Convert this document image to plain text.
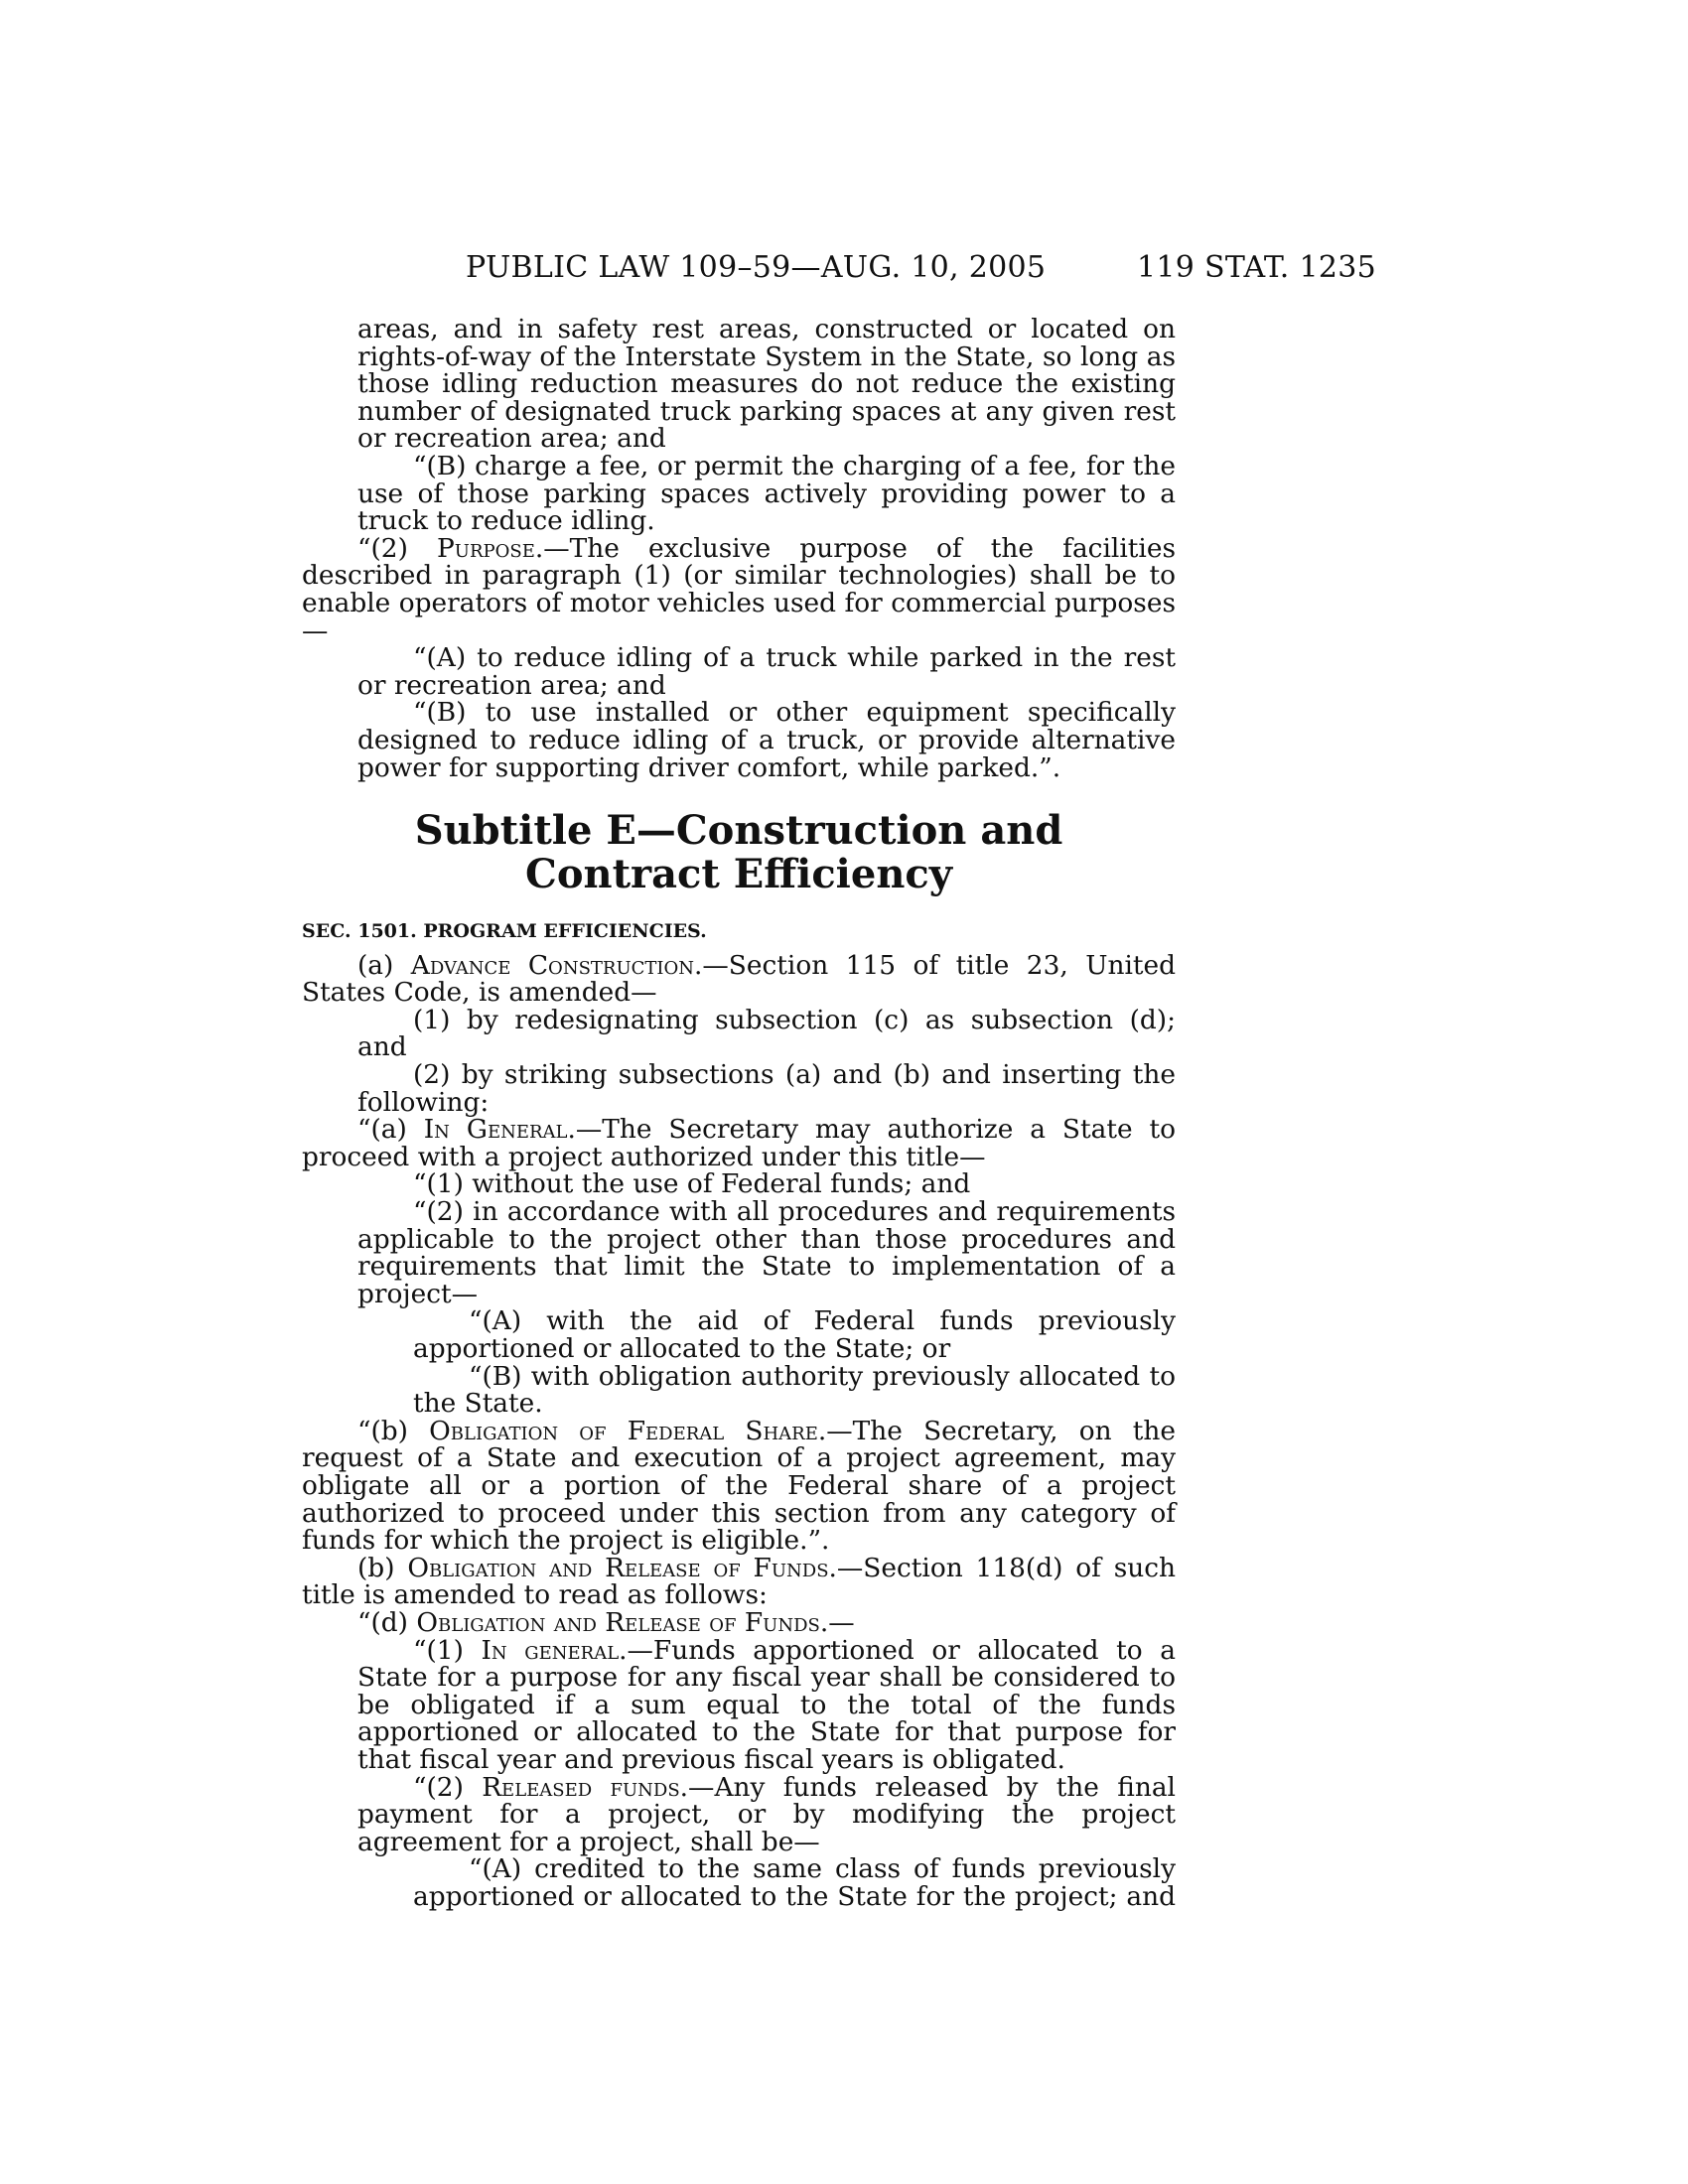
PUBLIC LAW 109–59—AUG. 10, 2005	119 STAT. 1235

areas, and in safety rest areas, constructed or located on rights-of-way of the Interstate System in the State, so long as those idling reduction measures do not reduce the existing number of designated truck parking spaces at any given rest or recreation area; and

“(B) charge a fee, or permit the charging of a fee, for the use of those parking spaces actively providing power to a truck to reduce idling.

“(2) Purpose.—The exclusive purpose of the facilities described in paragraph (1) (or similar technologies) shall be to enable operators of motor vehicles used for commercial purposes—

“(A) to reduce idling of a truck while parked in the rest or recreation area; and

“(B) to use installed or other equipment specifically designed to reduce idling of a truck, or provide alternative power for supporting driver comfort, while parked.”.

Subtitle E—Construction and Contract Efficiency
SEC. 1501. PROGRAM EFFICIENCIES.

(a) Advance Construction.—Section 115 of title 23, United States Code, is amended—

(1) by redesignating subsection (c) as subsection (d); and

(2) by striking subsections (a) and (b) and inserting the following:

“(a) In General.—The Secretary may authorize a State to proceed with a project authorized under this title—

“(1) without the use of Federal funds; and

“(2) in accordance with all procedures and requirements applicable to the project other than those procedures and requirements that limit the State to implementation of a project—

“(A) with the aid of Federal funds previously apportioned or allocated to the State; or

“(B) with obligation authority previously allocated to the State.

“(b) Obligation of Federal Share.—The Secretary, on the request of a State and execution of a project agreement, may obligate all or a portion of the Federal share of a project authorized to proceed under this section from any category of funds for which the project is eligible.”.

(b) Obligation and Release of Funds.—Section 118(d) of such title is amended to read as follows:

“(d) Obligation and Release of Funds.—

“(1) In general.—Funds apportioned or allocated to a State for a purpose for any fiscal year shall be considered to be obligated if a sum equal to the total of the funds apportioned or allocated to the State for that purpose for that fiscal year and previous fiscal years is obligated.

“(2) Released funds.—Any funds released by the final payment for a project, or by modifying the project agreement for a project, shall be—

“(A) credited to the same class of funds previously apportioned or allocated to the State for the project; and
